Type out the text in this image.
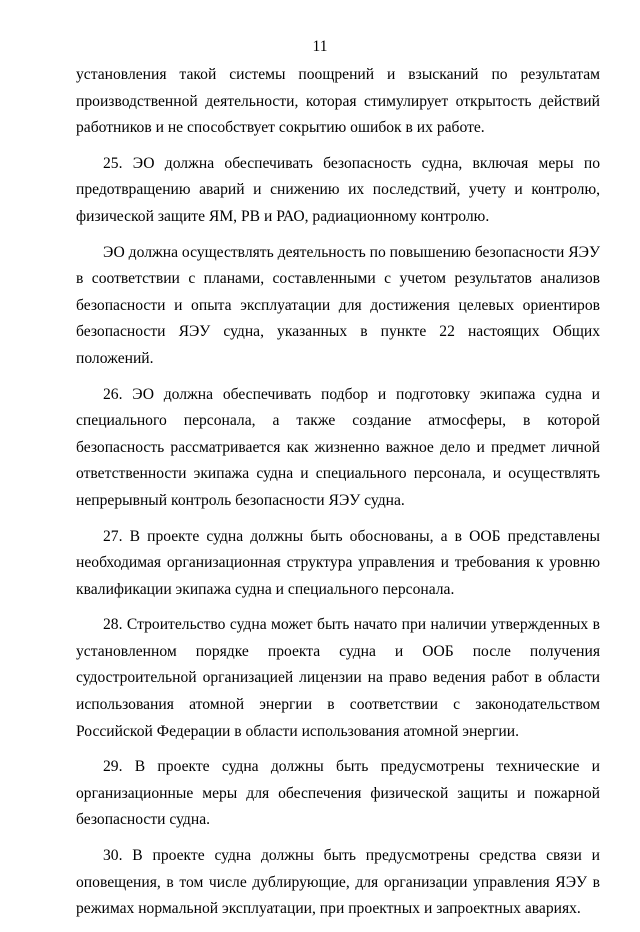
11

установления такой системы поощрений и взысканий по результатам производственной деятельности, которая стимулирует открытость действий работников и не способствует сокрытию ошибок в их работе.

25. ЭО должна обеспечивать безопасность судна, включая меры по предотвращению аварий и снижению их последствий, учету и контролю, физической защите ЯМ, РВ и РАО, радиационному контролю.

ЭО должна осуществлять деятельность по повышению безопасности ЯЭУ в соответствии с планами, составленными с учетом результатов анализов безопасности и опыта эксплуатации для достижения целевых ориентиров безопасности ЯЭУ судна, указанных в пункте 22 настоящих Общих положений.

26. ЭО должна обеспечивать подбор и подготовку экипажа судна и специального персонала, а также создание атмосферы, в которой безопасность рассматривается как жизненно важное дело и предмет личной ответственности экипажа судна и специального персонала, и осуществлять непрерывный контроль безопасности ЯЭУ судна.

27. В проекте судна должны быть обоснованы, а в ООБ представлены необходимая организационная структура управления и требования к уровню квалификации экипажа судна и специального персонала.

28. Строительство судна может быть начато при наличии утвержденных в установленном порядке проекта судна и ООБ после получения судостроительной организацией лицензии на право ведения работ в области использования атомной энергии в соответствии с законодательством Российской Федерации в области использования атомной энергии.

29. В проекте судна должны быть предусмотрены технические и организационные меры для обеспечения физической защиты и пожарной безопасности судна.

30. В проекте судна должны быть предусмотрены средства связи и оповещения, в том числе дублирующие, для организации управления ЯЭУ в режимах нормальной эксплуатации, при проектных и запроектных авариях.
